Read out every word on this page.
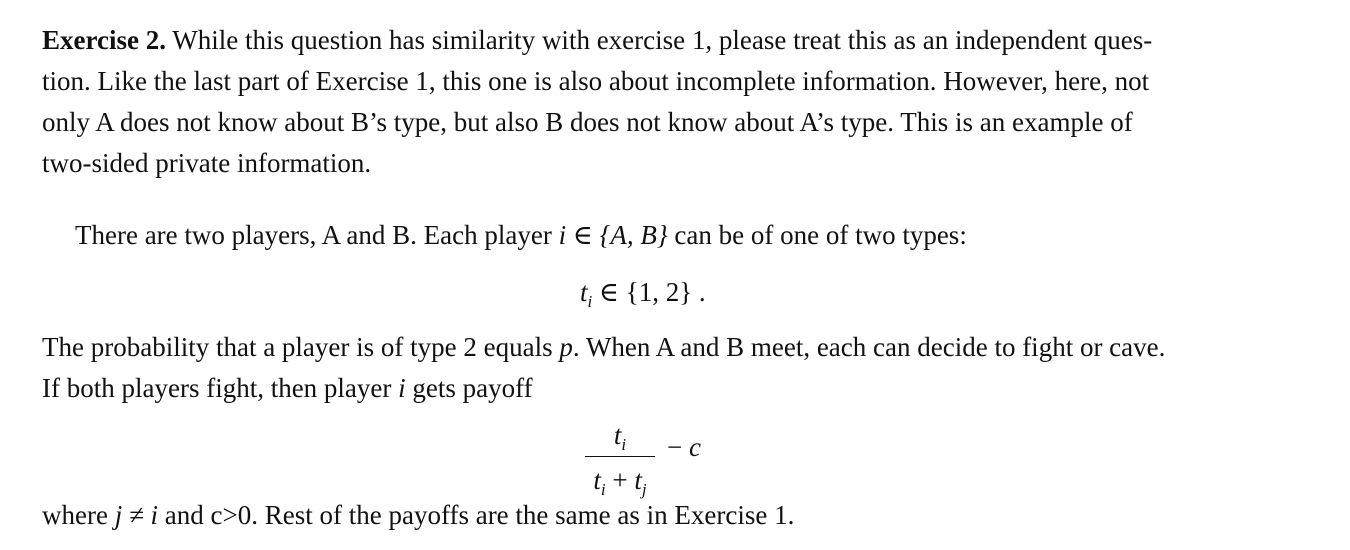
Exercise 2. While this question has similarity with exercise 1, please treat this as an independent ques-
tion. Like the last part of Exercise 1, this one is also about incomplete information. However, here, not
only A does not know about B’s type, but also B does not know about A’s type. This is an example of
two-sided private information.
There are two players, A and B. Each player i ∈ {A, B} can be of one of two types:
$t_i$ ∈ {1, 2} .
The probability that a player is of type 2 equals p. When A and B meet, each can decide to fight or cave.
If both players fight, then player i gets payoff
$t_i$
$t_i + t_j$
− c
where j ≠ i and c>0. Rest of the payoffs are the same as in Exercise 1.
